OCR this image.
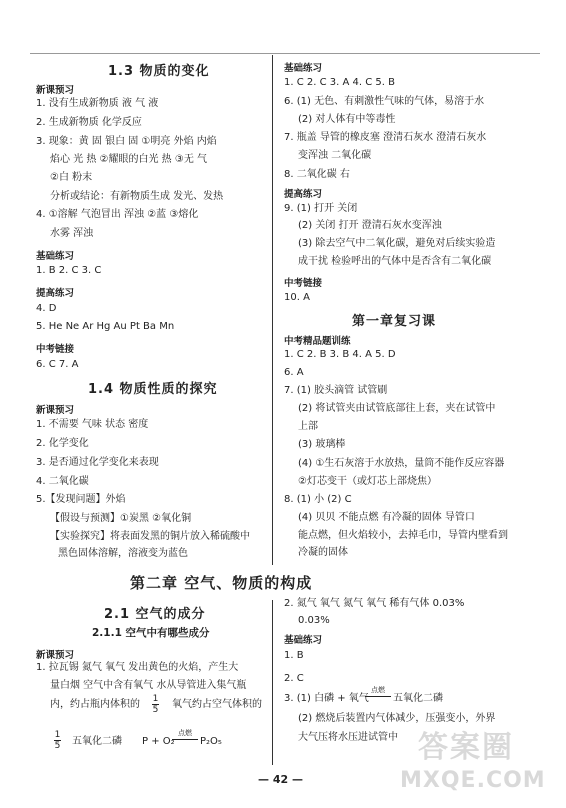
1.3 物质的变化
新课预习
1. 没有生成新物质 液 气 液
2. 生成新物质 化学反应
3. 现象：黄 固 银白 固 ①明亮 外焰 内焰
焰心 光 热 ②耀眼的白光 热 ③无 气
②白 粉末
分析或结论：有新物质生成 发光、发热
4. ①溶解 气泡冒出 浑浊 ②蓝 ③熔化
水雾 浑浊
基础练习
1. B 2. C 3. C
提高练习
4. D
5. He Ne Ar Hg Au Pt Ba Mn
中考链接
6. C 7. A
1.4 物质性质的探究
新课预习
1. 不需要 气味 状态 密度
2. 化学变化
3. 是否通过化学变化来表现
4. 二氧化碳
5.【发现问题】外焰
【假设与预测】①炭黑 ②氧化铜
【实验探究】将表面发黑的铜片放入稀硫酸中
黑色固体溶解，溶液变为蓝色
基础练习
1. C 2. C 3. A 4. C 5. B
6. (1) 无色、有刺激性气味的气体，易溶于水
(2) 对人体有中等毒性
7. 瓶盖 导管的橡皮塞 澄清石灰水 澄清石灰水
变浑浊 二氧化碳
8. 二氧化碳 右
提高练习
9. (1) 打开 关闭
(2) 关闭 打开 澄清石灰水变浑浊
(3) 除去空气中二氧化碳，避免对后续实验造
成干扰 检验呼出的气体中是否含有二氧化碳
中考链接
10. A
第一章复习课
中考精品题训练
1. C 2. B 3. B 4. A 5. D
6. A
7. (1) 胶头滴管 试管刷
(2) 将试管夹由试管底部往上套，夹在试管中
上部
(3) 玻璃棒
(4) ①生石灰溶于水放热，量筒不能作反应容器
②灯芯变干（或灯芯上部烧焦）
8. (1) 小 (2) C
(4) 贝贝 不能点燃 有冷凝的固体 导管口
能点燃，但火焰较小，去掉毛巾，导管内壁看到
冷凝的固体
第二章 空气、物质的构成
2.1 空气的成分
2.1.1 空气中有哪些成分
新课预习
1. 拉瓦锡 氮气 氧气 发出黄色的火焰，产生大
量白烟 空气中含有氧气 水从导管进入集气瓶
内，约占瓶内体积的 1
5 氧气约占空气体积的
1
5 五氧化二磷 P + O₂
点燃
P₂O₅
2. 氮气 氧气 氮气 氧气 稀有气体 0.03%
0.03%
基础练习
1. B
2. C
3. (1) 白磷 + 氧气
点燃
五氧化二磷
(2) 燃烧后装置内气体减少，压强变小，外界
大气压将水压进试管中
— 42 —
答案圈
MXQE.COM
